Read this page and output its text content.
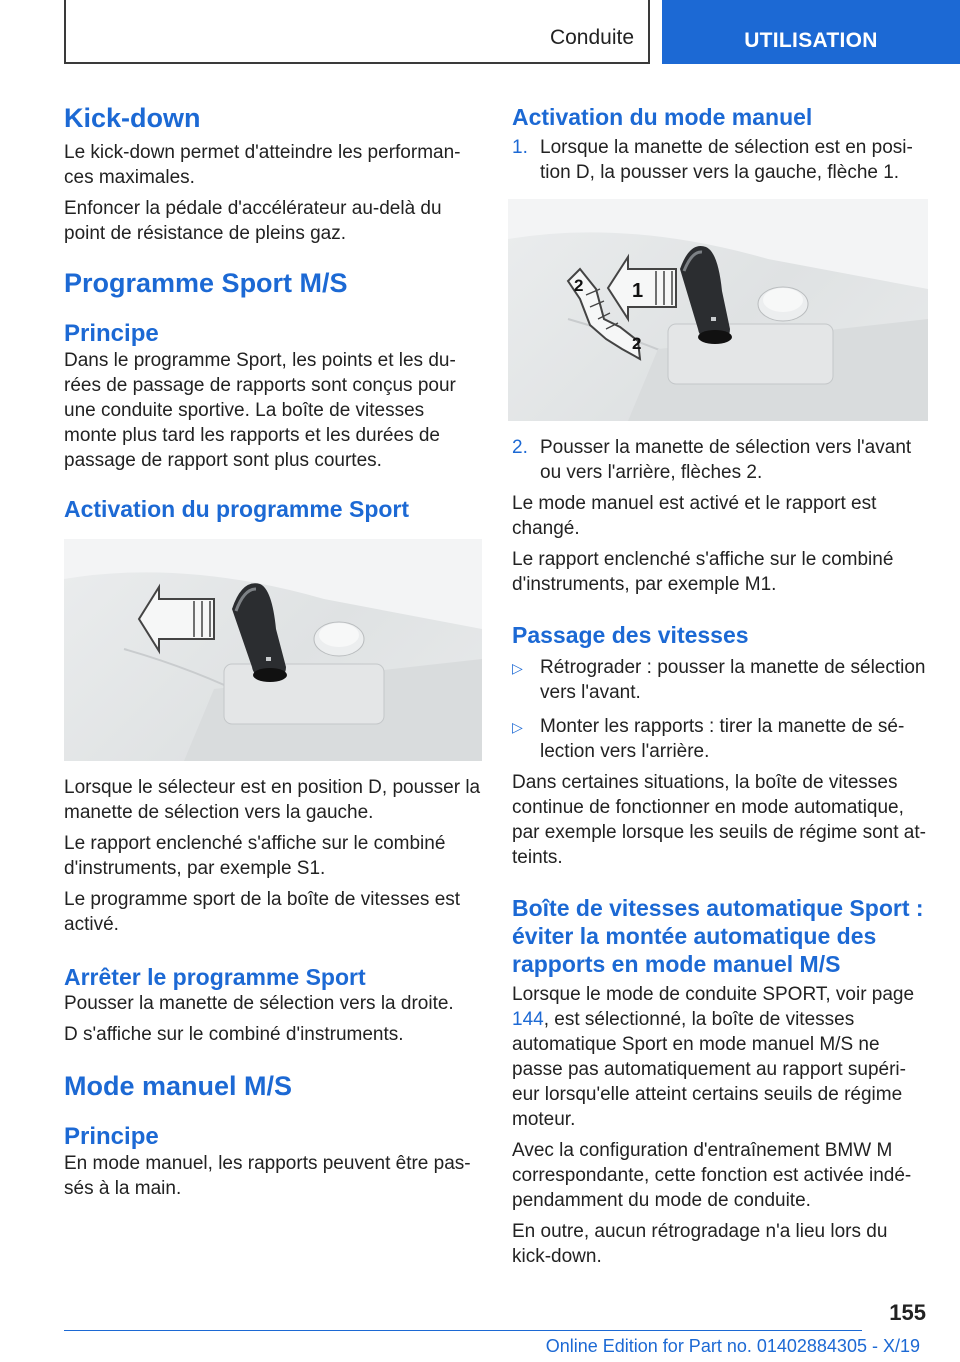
Conduite	UTILISATION
Kick-down

Le kick-down permet d'atteindre les performan-ces maximales.

Enfoncer la pédale d'accélérateur au-delà du point de résistance de pleins gaz.

Programme Sport M/S
Principe

Dans le programme Sport, les points et les du-rées de passage de rapports sont conçus pour une conduite sportive. La boîte de vitesses monte plus tard les rapports et les durées de passage de rapport sont plus courtes.

Activation du programme Sport

Lorsque le sélecteur est en position D, pousser la manette de sélection vers la gauche.

Le rapport enclenché s'affiche sur le combiné d'instruments, par exemple S1.

Le programme sport de la boîte de vitesses est activé.

Arrêter le programme Sport

Pousser la manette de sélection vers la droite.

D s'affiche sur le combiné d'instruments.

Mode manuel M/S
Principe

En mode manuel, les rapports peuvent être pas-sés à la main.

Activation du mode manuel
1. Lorsque la manette de sélection est en posi-tion D, la pousser vers la gauche, flèche 1.
1
2
2
2. Pousser la manette de sélection vers l'avant ou vers l'arrière, flèches 2.

Le mode manuel est activé et le rapport est changé.

Le rapport enclenché s'affiche sur le combiné d'instruments, par exemple M1.

Passage des vitesses
▷ Rétrograder : pousser la manette de sélection vers l'avant.
▷ Monter les rapports : tirer la manette de sé-lection vers l'arrière.

Dans certaines situations, la boîte de vitesses continue de fonctionner en mode automatique, par exemple lorsque les seuils de régime sont at-teints.

Boîte de vitesses automatique Sport : éviter la montée automatique des rapports en mode manuel M/S

Lorsque le mode de conduite SPORT, voir page 144, est sélectionné, la boîte de vitesses automatique Sport en mode manuel M/S ne passe pas automatiquement au rapport supéri-eur lorsqu'elle atteint certains seuils de régime moteur.

Avec la configuration d'entraînement BMW M correspondante, cette fonction est activée indé-pendamment du mode de conduite.

En outre, aucun rétrogradage n'a lieu lors du kick-down.

155
Online Edition for Part no. 01402884305 - X/19
